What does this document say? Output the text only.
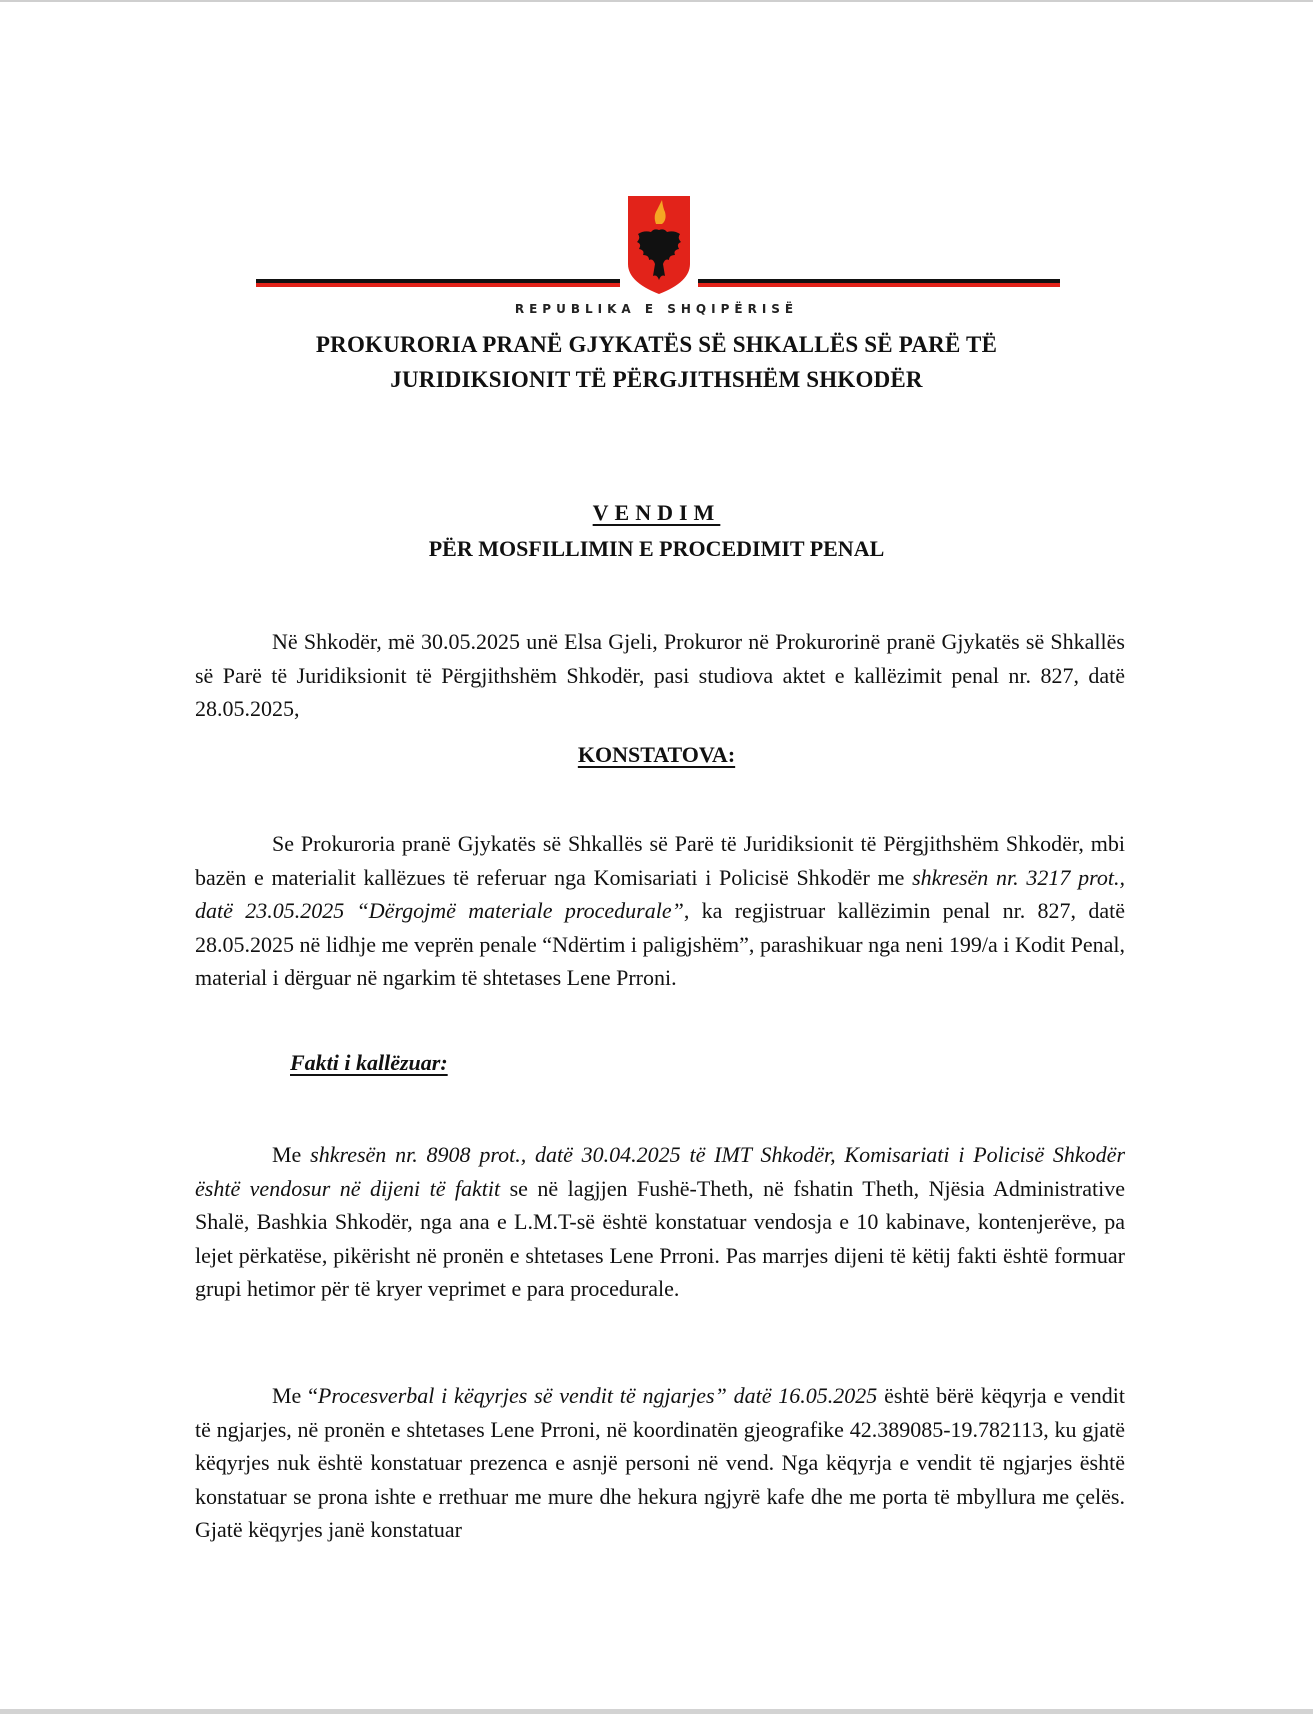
REPUBLIKA E SHQIPËRISË
PROKURORIA PRANË GJYKATËS SË SHKALLËS SË PARË TË
JURIDIKSIONIT TË PËRGJITHSHËM SHKODËR
VENDIM
PËR MOSFILLIMIN E PROCEDIMIT PENAL

Në Shkodër, më 30.05.2025 unë Elsa Gjeli, Prokuror në Prokurorinë pranë Gjykatës së Shkallës së Parë të Juridiksionit të Përgjithshëm Shkodër, pasi studiova aktet e kallëzimit penal nr. 827, datë 28.05.2025,

KONSTATOVA:

Se Prokuroria pranë Gjykatës së Shkallës së Parë të Juridiksionit të Përgjithshëm Shkodër, mbi bazën e materialit kallëzues të referuar nga Komisariati i Policisë Shkodër me shkresën nr. 3217 prot., datë 23.05.2025 “Dërgojmë materiale procedurale”, ka regjistruar kallëzimin penal nr. 827, datë 28.05.2025 në lidhje me veprën penale “Ndërtim i paligjshëm”, parashikuar nga neni 199/a i Kodit Penal, material i dërguar në ngarkim të shtetases Lene Prroni.

Fakti i kallëzuar:

Me shkresën nr. 8908 prot., datë 30.04.2025 të IMT Shkodër, Komisariati i Policisë Shkodër është vendosur në dijeni të faktit se në lagjjen Fushë-Theth, në fshatin Theth, Njësia Administrative Shalë, Bashkia Shkodër, nga ana e L.M.T-së është konstatuar vendosja e 10 kabinave, kontenjerëve, pa lejet përkatëse, pikërisht në pronën e shtetases Lene Prroni. Pas marrjes dijeni të këtij fakti është formuar grupi hetimor për të kryer veprimet e para procedurale.

Me “Procesverbal i këqyrjes së vendit të ngjarjes” datë 16.05.2025 është bërë këqyrja e vendit të ngjarjes, në pronën e shtetases Lene Prroni, në koordinatën gjeografike 42.389085-19.782113, ku gjatë këqyrjes nuk është konstatuar prezenca e asnjë personi në vend. Nga këqyrja e vendit të ngjarjes është konstatuar se prona ishte e rrethuar me mure dhe hekura ngjyrë kafe dhe me porta të mbyllura me çelës. Gjatë këqyrjes janë konstatuar
